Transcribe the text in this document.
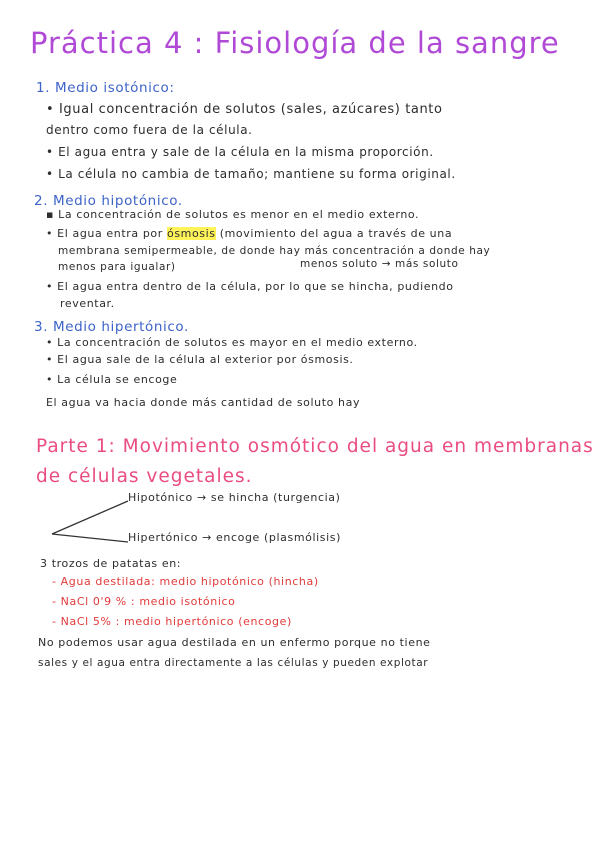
Práctica 4 : Fisiología de la sangre
1. Medio isotónico:
• Igual concentración de solutos (sales, azúcares) tanto
dentro como fuera de la célula.
• El agua entra y sale de la célula en la misma proporción.
• La célula no cambia de tamaño; mantiene su forma original.
2. Medio hipotónico.
▪ La concentración de solutos es menor en el medio externo.
• El agua entra por ósmosis (movimiento del agua a través de una
membrana semipermeable, de donde hay más concentración a donde hay
menos para igualar)	menos soluto → más soluto
• El agua entra dentro de la célula, por lo que se hincha, pudiendo
reventar.
3. Medio hipertónico.
• La concentración de solutos es mayor en el medio externo.
• El agua sale de la célula al exterior por ósmosis.
• La célula se encoge
El agua va hacia donde más cantidad de soluto hay
Parte 1: Movimiento osmótico del agua en membranas
de células vegetales.
Hipotónico → se hincha (turgencia)
Hipertónico → encoge (plasmólisis)
3 trozos de patatas en:
- Agua destilada: medio hipotónico (hincha)
- NaCl 0'9 % : medio isotónico
- NaCl 5% : medio hipertónico (encoge)
No podemos usar agua destilada en un enfermo porque no tiene
sales y el agua entra directamente a las células y pueden explotar
